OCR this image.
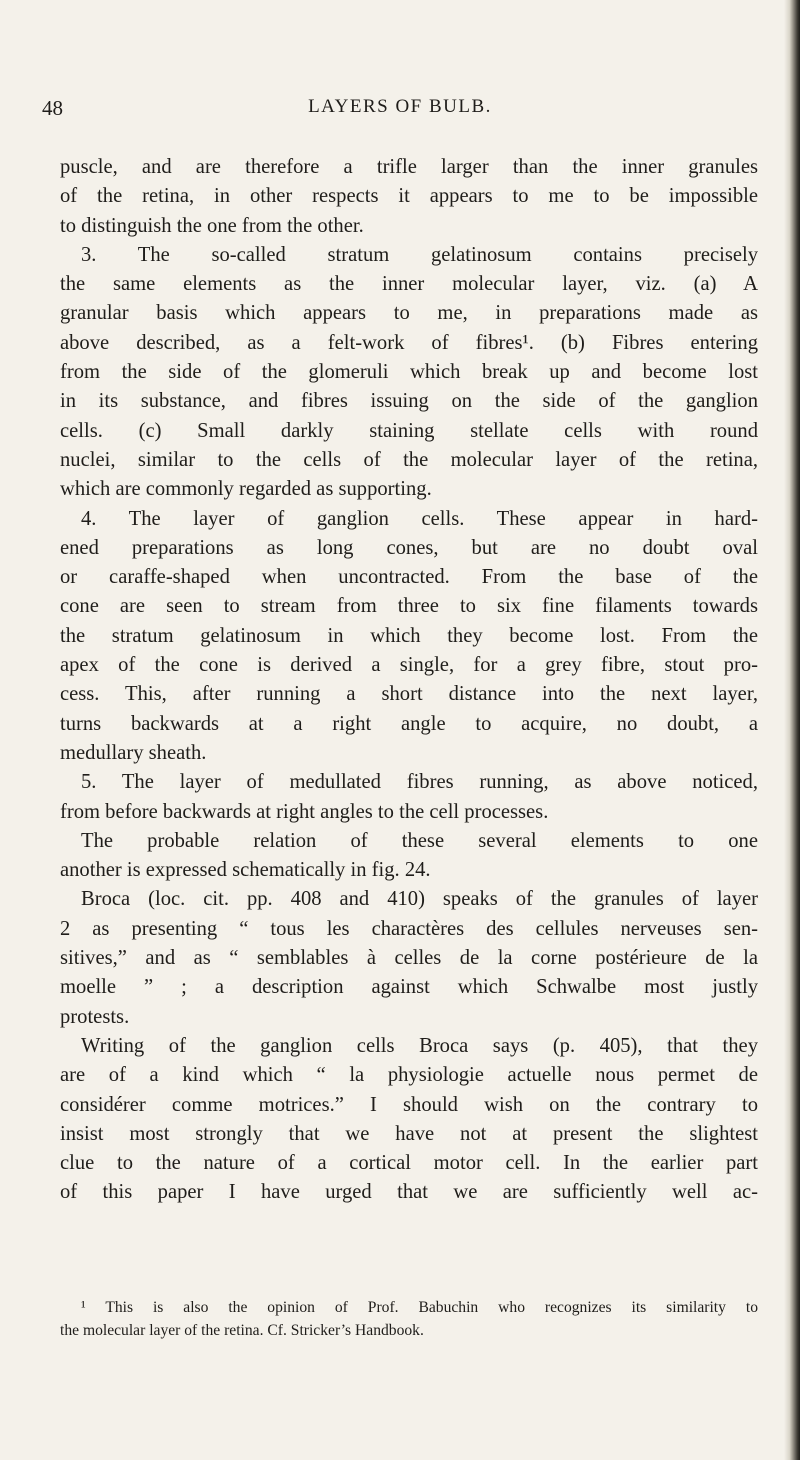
48	LAYERS OF BULB.
puscle, and are therefore a trifle larger than the inner granules
of the retina, in other respects it appears to me to be impossible
to distinguish the one from the other.
3. The so-called stratum gelatinosum contains precisely
the same elements as the inner molecular layer, viz. (a) A
granular basis which appears to me, in preparations made as
above described, as a felt-work of fibres¹. (b) Fibres entering
from the side of the glomeruli which break up and become lost
in its substance, and fibres issuing on the side of the ganglion
cells. (c) Small darkly staining stellate cells with round
nuclei, similar to the cells of the molecular layer of the retina,
which are commonly regarded as supporting.
4. The layer of ganglion cells. These appear in hard-
ened preparations as long cones, but are no doubt oval
or caraffe-shaped when uncontracted. From the base of the
cone are seen to stream from three to six fine filaments towards
the stratum gelatinosum in which they become lost. From the
apex of the cone is derived a single, for a grey fibre, stout pro-
cess. This, after running a short distance into the next layer,
turns backwards at a right angle to acquire, no doubt, a
medullary sheath.
5. The layer of medullated fibres running, as above noticed,
from before backwards at right angles to the cell processes.
The probable relation of these several elements to one
another is expressed schematically in fig. 24.
Broca (loc. cit. pp. 408 and 410) speaks of the granules of layer
2 as presenting “ tous les charactères des cellules nerveuses sen-
sitives,” and as “ semblables à celles de la corne postérieure de la
moelle ” ; a description against which Schwalbe most justly
protests.
Writing of the ganglion cells Broca says (p. 405), that they
are of a kind which “ la physiologie actuelle nous permet de
considérer comme motrices.” I should wish on the contrary to
insist most strongly that we have not at present the slightest
clue to the nature of a cortical motor cell. In the earlier part
of this paper I have urged that we are sufficiently well ac-
¹ This is also the opinion of Prof. Babuchin who recognizes its similarity to
the molecular layer of the retina. Cf. Stricker’s Handbook.
